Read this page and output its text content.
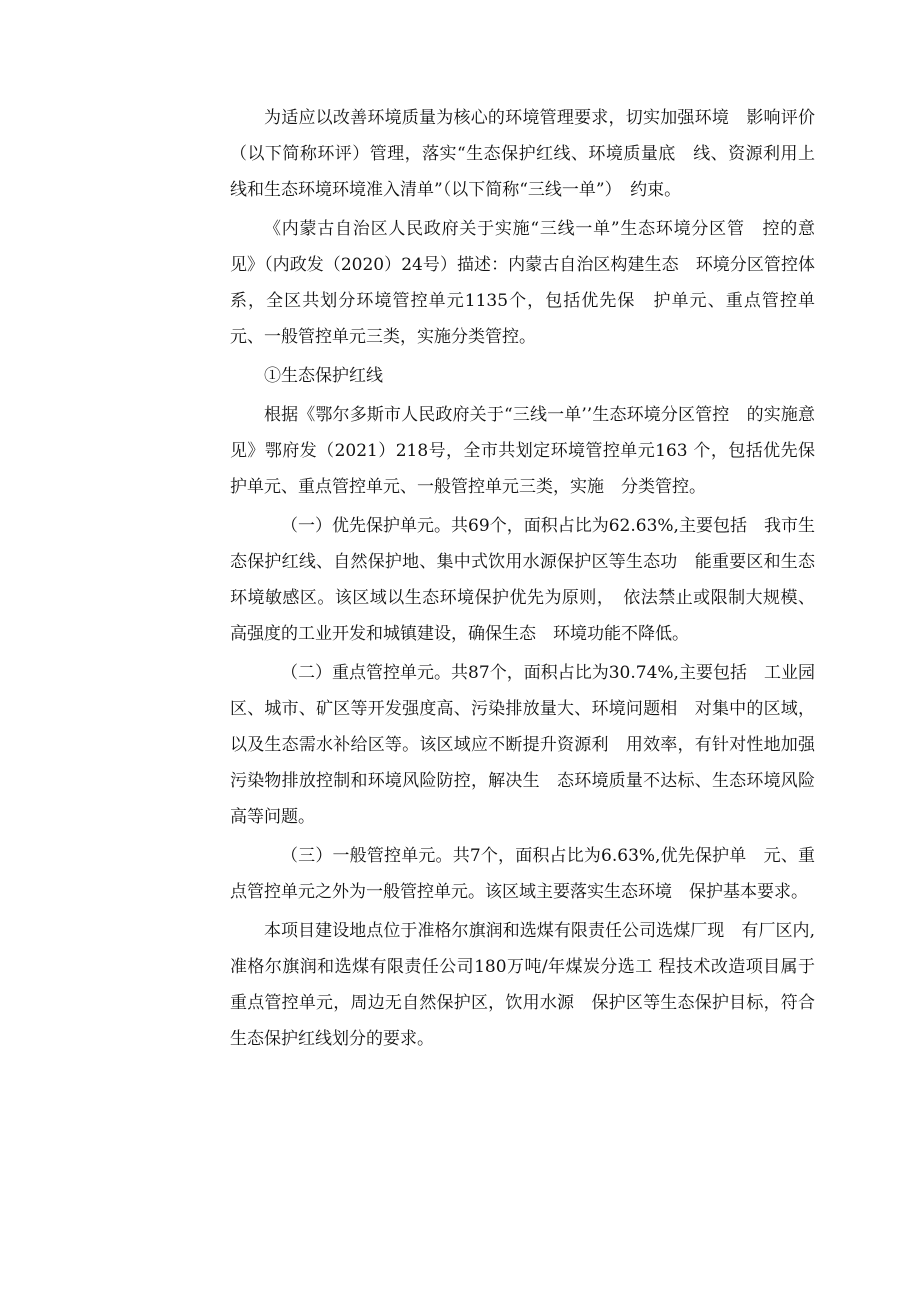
为适应以改善环境质量为核心的环境管理要求，切实加强环境　影响评价（以下简称环评）管理，落实“生态保护红线、环境质量底　线、资源利用上线和生态环境环境准入清单”（以下简称“三线一单”）　约束。

《内蒙古自治区人民政府关于实施“三线一单”生态环境分区管　控的意见》（内政发（2020）24号）描述：内蒙古自治区构建生态　环境分区管控体系，全区共划分环境管控单元1135个，包括优先保　护单元、重点管控单元、一般管控单元三类，实施分类管控。

①生态保护红线

根据《鄂尔多斯市人民政府关于“三线一单’’生态环境分区管控　的实施意见》鄂府发（2021）218号，全市共划定环境管控单元163 个，包括优先保护单元、重点管控单元、一般管控单元三类，实施　分类管控。

（一）优先保护单元。共69个，面积占比为62.63%,主要包括　我市生态保护红线、自然保护地、集中式饮用水源保护区等生态功　能重要区和生态环境敏感区。该区域以生态环境保护优先为原则，　依法禁止或限制大规模、高强度的工业开发和城镇建设，确保生态　环境功能不降低。

（二）重点管控单元。共87个，面积占比为30.74%,主要包括　工业园区、城市、矿区等开发强度高、污染排放量大、环境问题相　对集中的区域，以及生态需水补给区等。该区域应不断提升资源利　用效率，有针对性地加强污染物排放控制和环境风险防控，解决生　态环境质量不达标、生态环境风险高等问题。

（三）一般管控单元。共7个，面积占比为6.63%,优先保护单　元、重点管控单元之外为一般管控单元。该区域主要落实生态环境　保护基本要求。

本项目建设地点位于准格尔旗润和选煤有限责任公司选煤厂现　有厂区内,准格尔旗润和选煤有限责任公司180万吨/年煤炭分选工 程技术改造项目属于重点管控单元，周边无自然保护区，饮用水源　保护区等生态保护目标，符合生态保护红线划分的要求。
